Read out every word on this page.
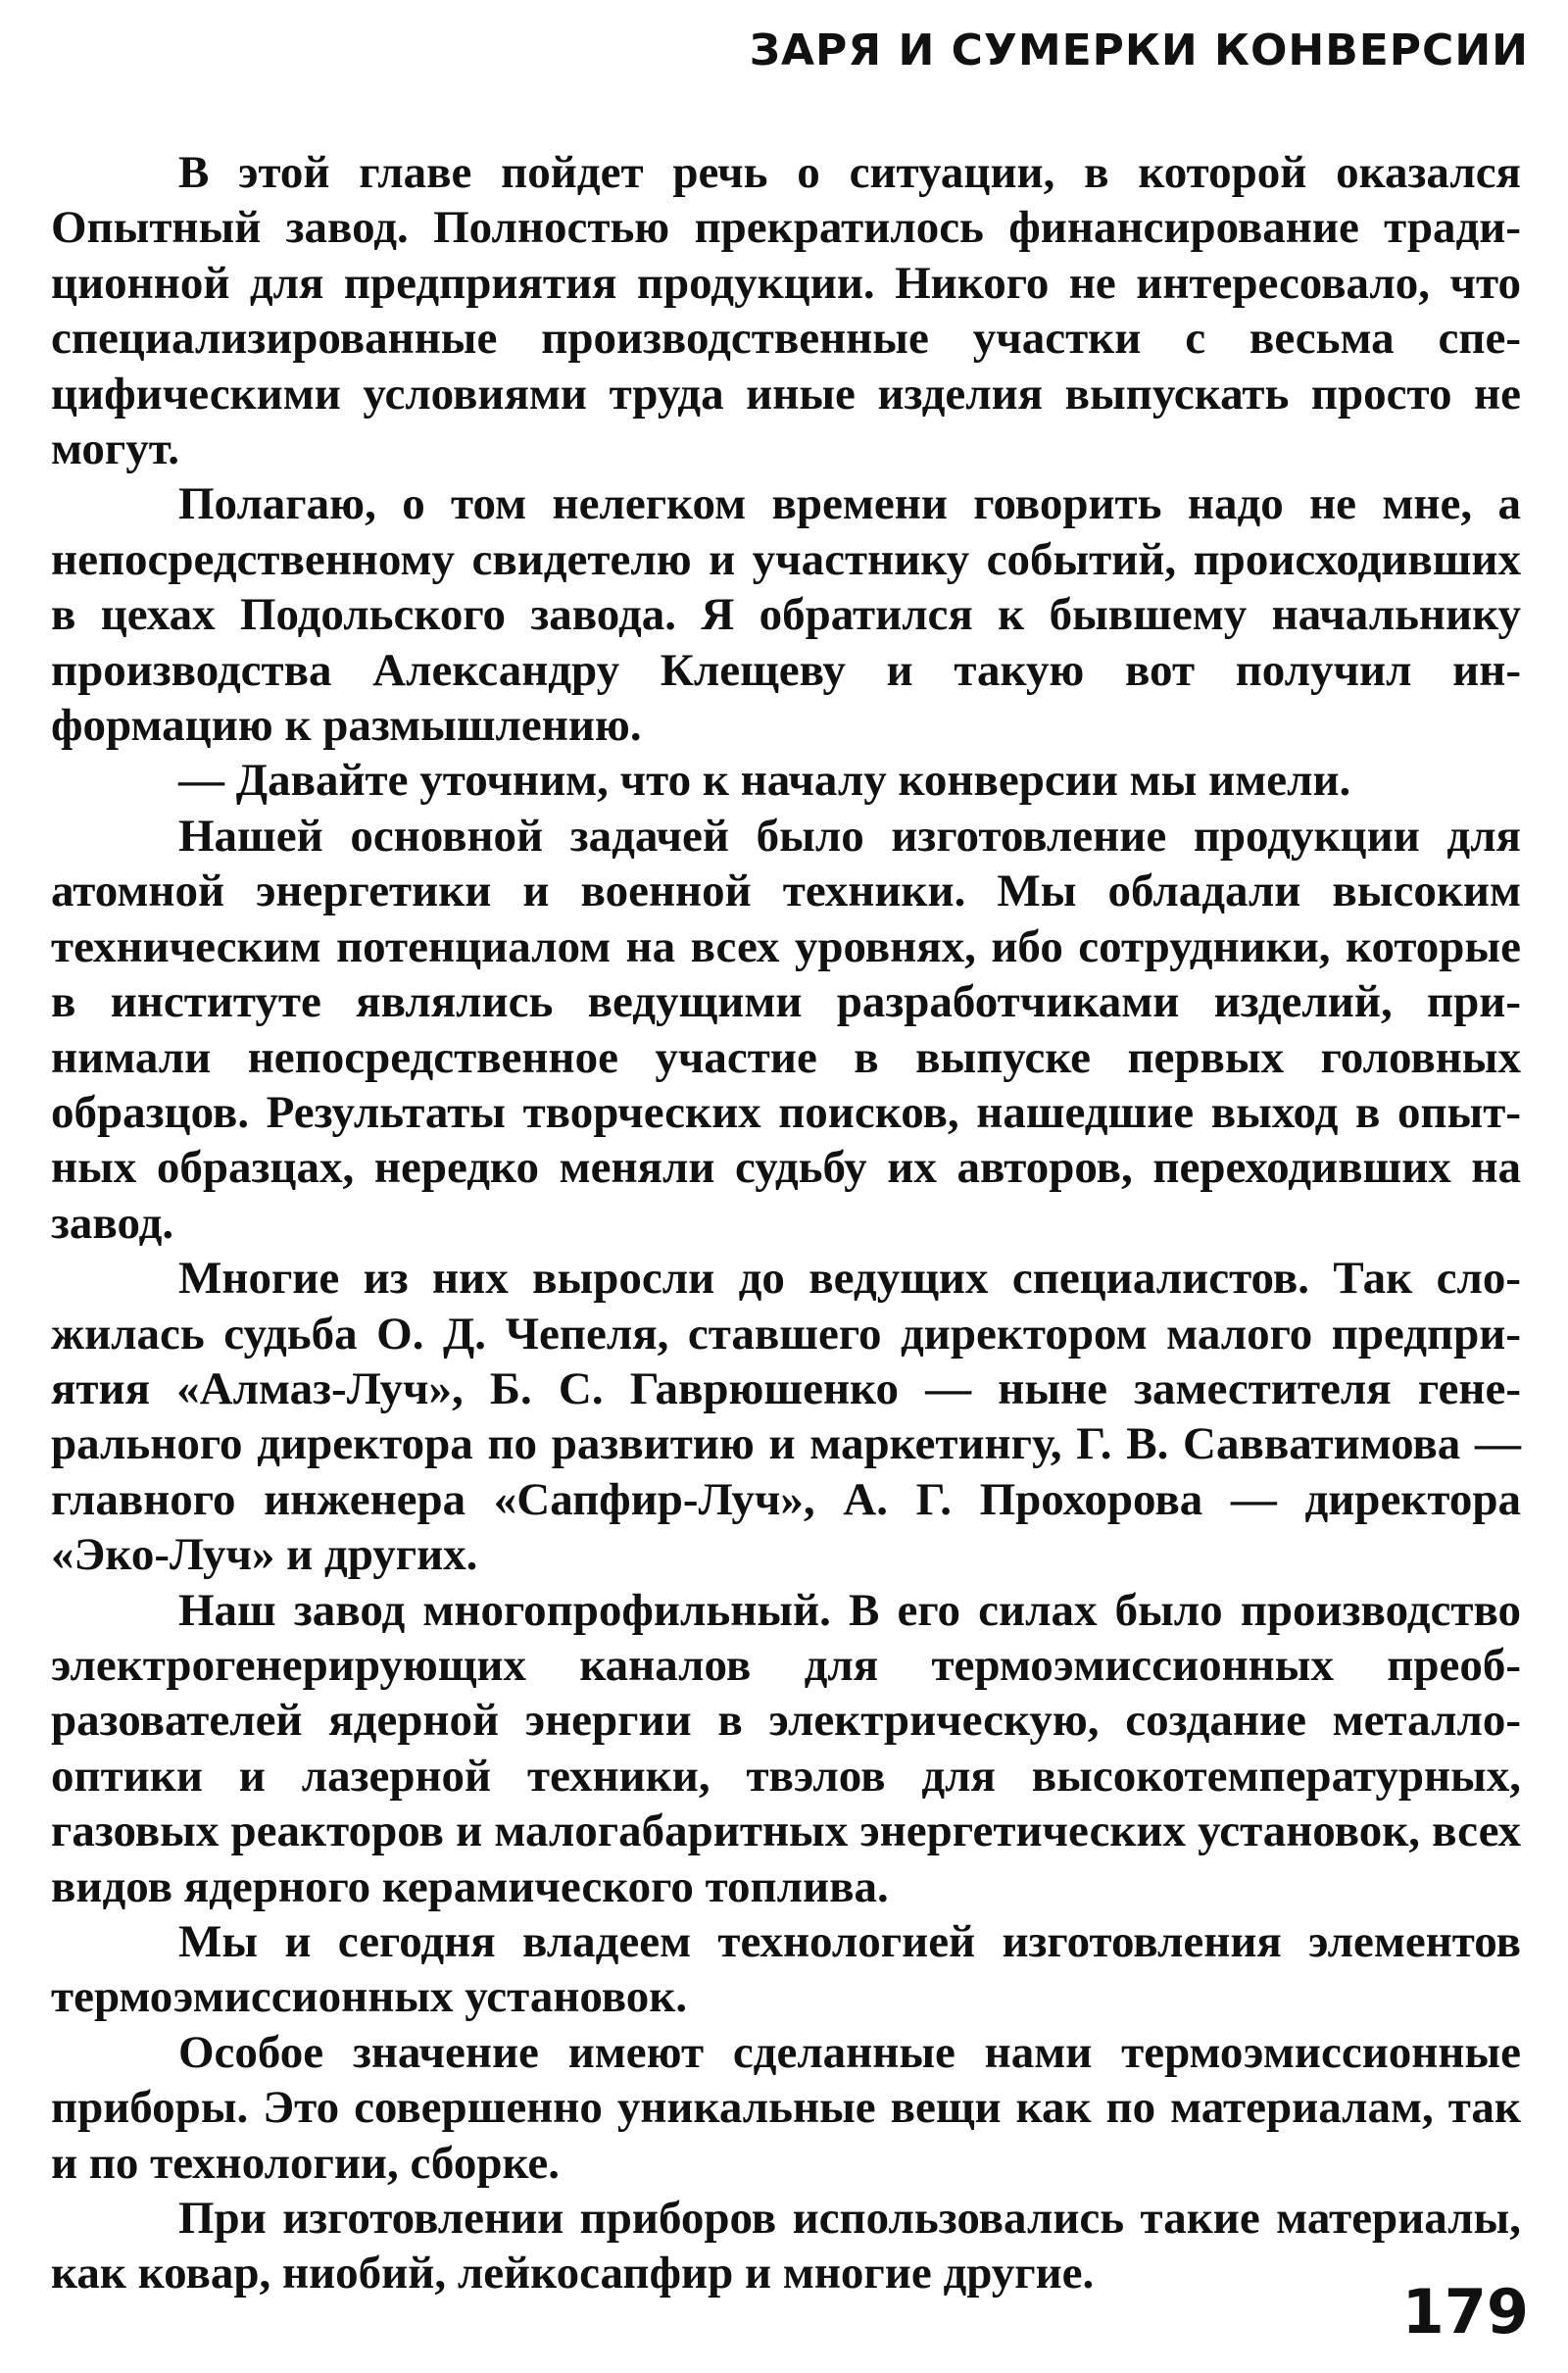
ЗАРЯ И СУМЕРКИ КОНВЕРСИИ

В этой главе пойдет речь о ситуации, в которой оказался Опытный завод. Полностью прекратилось финансирование традиционной для предприятия продукции. Никого не интересовало, что специализированные производственные участки с весьма специфическими условиями труда иные изделия выпускать просто не могут.

Полагаю, о том нелегком времени говорить надо не мне, а непосредственному свидетелю и участнику событий, происходивших в цехах Подольского завода. Я обратился к бывшему начальнику производства Александру Клещеву и такую вот получил информацию к размышлению.

— Давайте уточним, что к началу конверсии мы имели.

Нашей основной задачей было изготовление продукции для атомной энергетики и военной техники. Мы обладали высоким техническим потенциалом на всех уровнях, ибо сотрудники, которые в институте являлись ведущими разработчиками изделий, принимали непосредственное участие в выпуске первых головных образцов. Результаты творческих поисков, нашедшие выход в опытных образцах, нередко меняли судьбу их авторов, переходивших на завод.

Многие из них выросли до ведущих специалистов. Так сложилась судьба О. Д. Чепеля, ставшего директором малого предприятия «Алмаз-Луч», Б. С. Гаврюшенко — ныне заместителя генерального директора по развитию и маркетингу, Г. В. Савватимова — главного инженера «Сапфир-Луч», А. Г. Прохорова — директора «Эко-Луч» и других.

Наш завод многопрофильный. В его силах было производство электрогенерирующих каналов для термоэмиссионных преобразователей ядерной энергии в электрическую, создание металлооптики и лазерной техники, твэлов для высокотемпературных, газовых реакторов и малогабаритных энергетических установок, всех видов ядерного керамического топлива.

Мы и сегодня владеем технологией изготовления элементов термоэмиссионных установок.

Особое значение имеют сделанные нами термоэмиссионные приборы. Это совершенно уникальные вещи как по материалам, так и по технологии, сборке.

При изготовлении приборов использовались такие материалы, как ковар, ниобий, лейкосапфир и многие другие.

179
